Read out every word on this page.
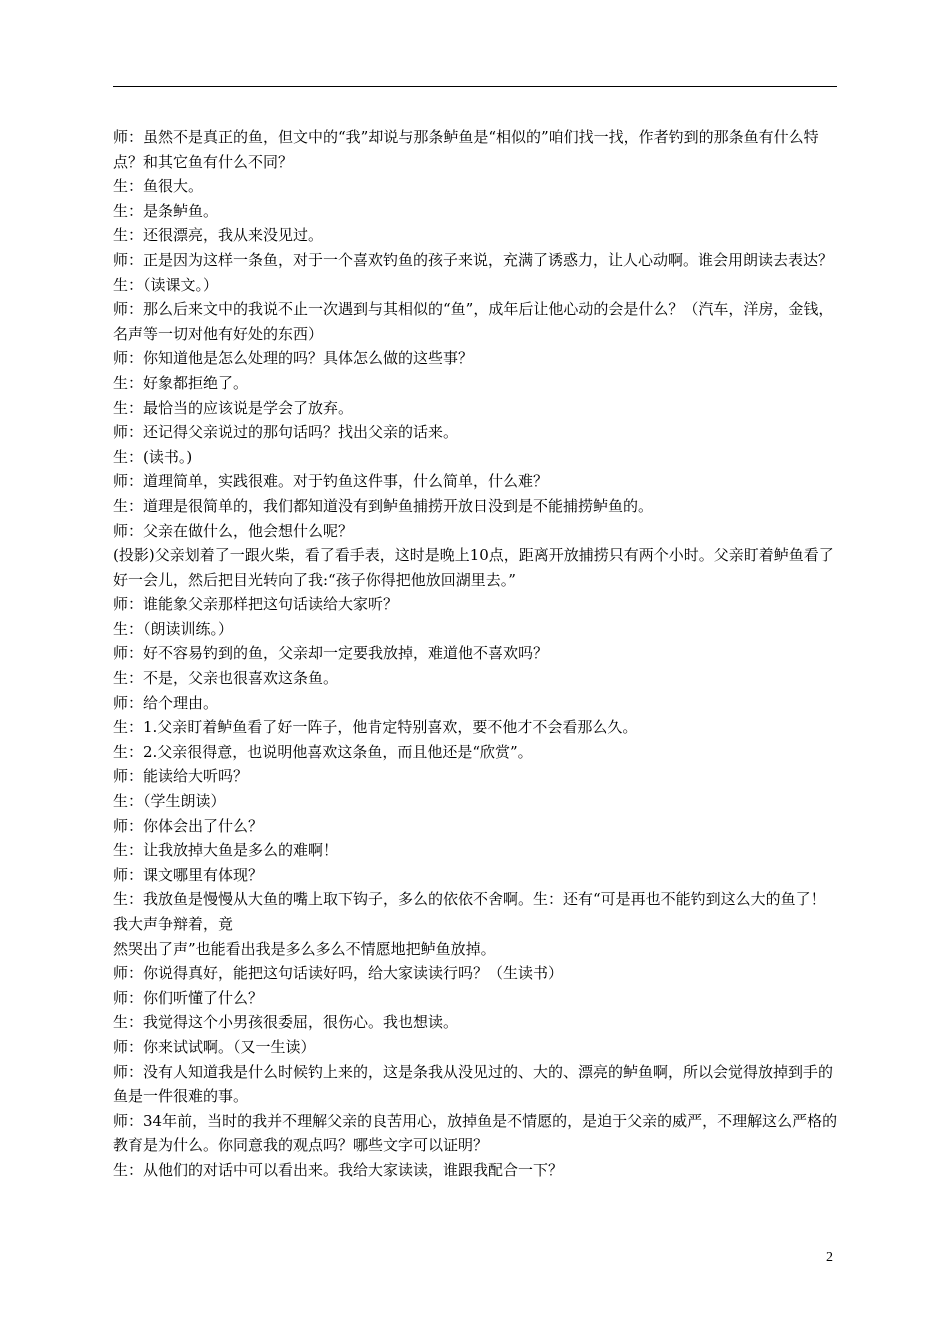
师：虽然不是真正的鱼，但文中的“我”却说与那条鲈鱼是“相似的”咱们找一找，作者钓到的那条鱼有什么特点？和其它鱼有什么不同？

生：鱼很大。

生：是条鲈鱼。

生：还很漂亮，我从来没见过。

师：正是因为这样一条鱼，对于一个喜欢钓鱼的孩子来说，充满了诱惑力，让人心动啊。谁会用朗读去表达？

生：（读课文。）

师：那么后来文中的我说不止一次遇到与其相似的“鱼”，成年后让他心动的会是什么？（汽车，洋房，金钱，名声等一切对他有好处的东西）

师：你知道他是怎么处理的吗？具体怎么做的这些事？

生：好象都拒绝了。

生：最恰当的应该说是学会了放弃。

师：还记得父亲说过的那句话吗？找出父亲的话来。

生：(读书。)

师：道理简单，实践很难。对于钓鱼这件事，什么简单，什么难？

生：道理是很简单的，我们都知道没有到鲈鱼捕捞开放日没到是不能捕捞鲈鱼的。

师：父亲在做什么，他会想什么呢？

(投影)父亲划着了一跟火柴，看了看手表，这时是晚上10点，距离开放捕捞只有两个小时。父亲盯着鲈鱼看了好一会儿，然后把目光转向了我:“孩子你得把他放回湖里去。”

师：谁能象父亲那样把这句话读给大家听？

生：（朗读训练。）

师：好不容易钓到的鱼，父亲却一定要我放掉，难道他不喜欢吗？

生：不是，父亲也很喜欢这条鱼。

师：给个理由。

生：1.父亲盯着鲈鱼看了好一阵子，他肯定特别喜欢，要不他才不会看那么久。

生：2.父亲很得意，也说明他喜欢这条鱼，而且他还是“欣赏”。

师：能读给大听吗？

生：（学生朗读）

师：你体会出了什么？

生：让我放掉大鱼是多么的难啊！

师：课文哪里有体现？

生：我放鱼是慢慢从大鱼的嘴上取下钩子，多么的依依不舍啊。生：还有“可是再也不能钓到这么大的鱼了！我大声争辩着，竟

然哭出了声”也能看出我是多么多么不情愿地把鲈鱼放掉。

师：你说得真好，能把这句话读好吗，给大家读读行吗？（生读书）

师：你们听懂了什么？

生：我觉得这个小男孩很委屈，很伤心。我也想读。

师：你来试试啊。（又一生读）

师：没有人知道我是什么时候钓上来的，这是条我从没见过的、大的、漂亮的鲈鱼啊，所以会觉得放掉到手的鱼是一件很难的事。

师：34年前，当时的我并不理解父亲的良苦用心，放掉鱼是不情愿的，是迫于父亲的威严，不理解这么严格的教育是为什么。你同意我的观点吗？哪些文字可以证明？

生：从他们的对话中可以看出来。我给大家读读，谁跟我配合一下？

2
